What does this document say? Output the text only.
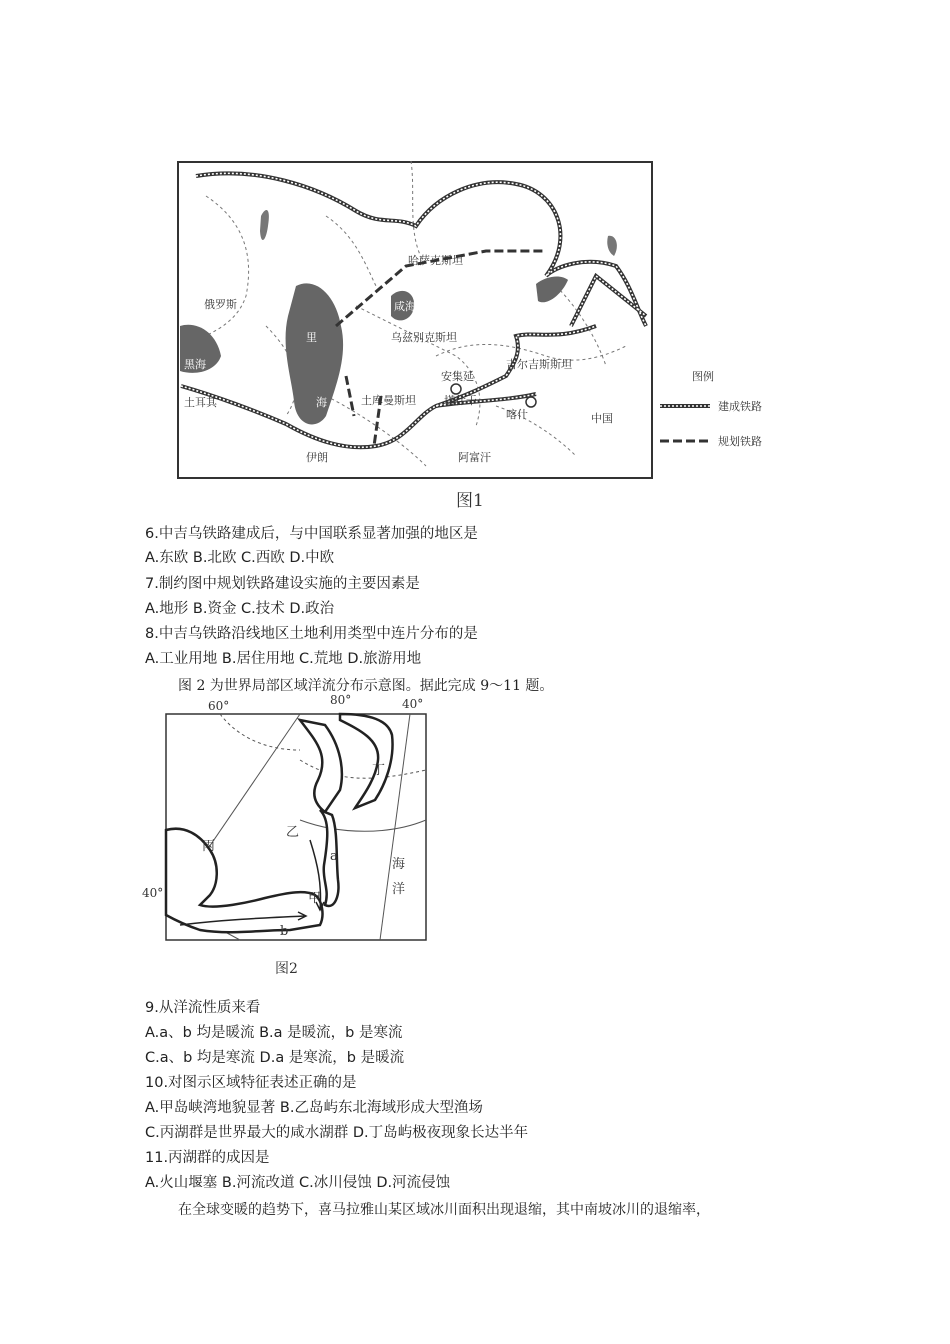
俄罗斯
哈萨克斯坦
乌兹别克斯坦
土库曼斯坦
吉尔吉斯斯坦
土耳其
伊朗	阿富汗
中国
黑海
里
海
咸海
安集延
喀什
塔什干
图例
建成铁路
规划铁路
图1
6.中吉乌铁路建成后，与中国联系显著加强的地区是
A.东欧 B.北欧 C.西欧 D.中欧
7.制约图中规划铁路建设实施的主要因素是
A.地形 B.资金 C.技术 D.政治
8.中吉乌铁路沿线地区土地利用类型中连片分布的是
A.工业用地 B.居住用地 C.荒地 D.旅游用地
图 2 为世界局部区域洋流分布示意图。据此完成 9～11 题。
60°	80°	40°
40°
乙
丙
甲
丁
海
洋
a
b
图2
9.从洋流性质来看
A.a、b 均是暖流 B.a 是暖流，b 是寒流
C.a、b 均是寒流 D.a 是寒流，b 是暖流
10.对图示区域特征表述正确的是
A.甲岛峡湾地貌显著 B.乙岛屿东北海域形成大型渔场
C.丙湖群是世界最大的咸水湖群 D.丁岛屿极夜现象长达半年
11.丙湖群的成因是
A.火山堰塞 B.河流改道 C.冰川侵蚀 D.河流侵蚀
在全球变暖的趋势下，喜马拉雅山某区域冰川面积出现退缩，其中南坡冰川的退缩率，
